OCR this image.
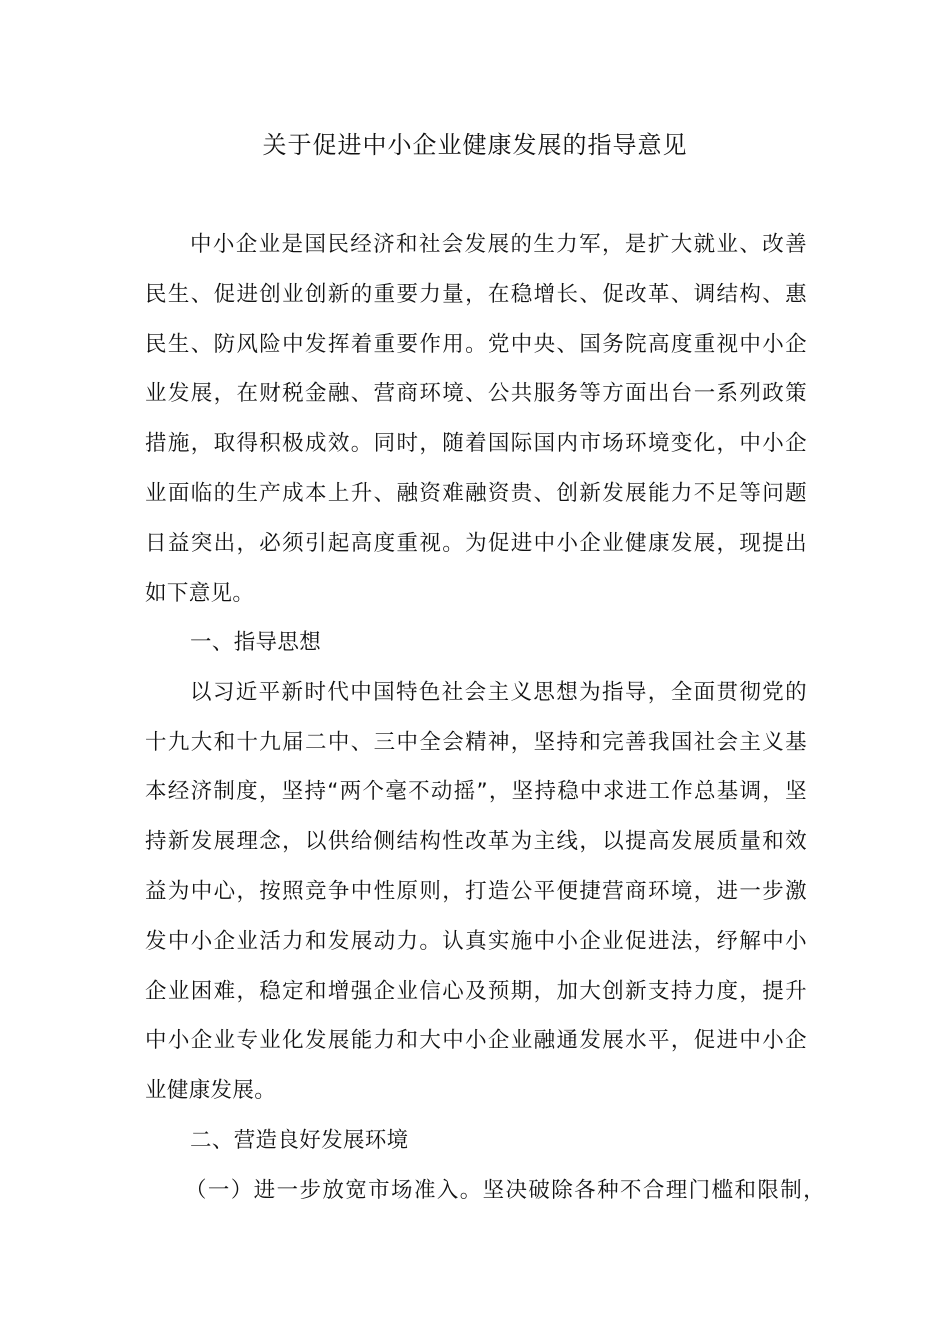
关于促进中小企业健康发展的指导意见
中小企业是国民经济和社会发展的生力军，是扩大就业、改善
民生、促进创业创新的重要力量，在稳增长、促改革、调结构、惠
民生、防风险中发挥着重要作用。党中央、国务院高度重视中小企
业发展，在财税金融、营商环境、公共服务等方面出台一系列政策
措施，取得积极成效。同时，随着国际国内市场环境变化，中小企
业面临的生产成本上升、融资难融资贵、创新发展能力不足等问题
日益突出，必须引起高度重视。为促进中小企业健康发展，现提出
如下意见。
一、指导思想
以习近平新时代中国特色社会主义思想为指导，全面贯彻党的
十九大和十九届二中、三中全会精神，坚持和完善我国社会主义基
本经济制度，坚持“两个毫不动摇”，坚持稳中求进工作总基调，坚
持新发展理念，以供给侧结构性改革为主线，以提高发展质量和效
益为中心，按照竞争中性原则，打造公平便捷营商环境，进一步激
发中小企业活力和发展动力。认真实施中小企业促进法，纾解中小
企业困难，稳定和增强企业信心及预期，加大创新支持力度，提升
中小企业专业化发展能力和大中小企业融通发展水平，促进中小企
业健康发展。
二、营造良好发展环境
（一）进一步放宽市场准入。坚决破除各种不合理门槛和限制，
